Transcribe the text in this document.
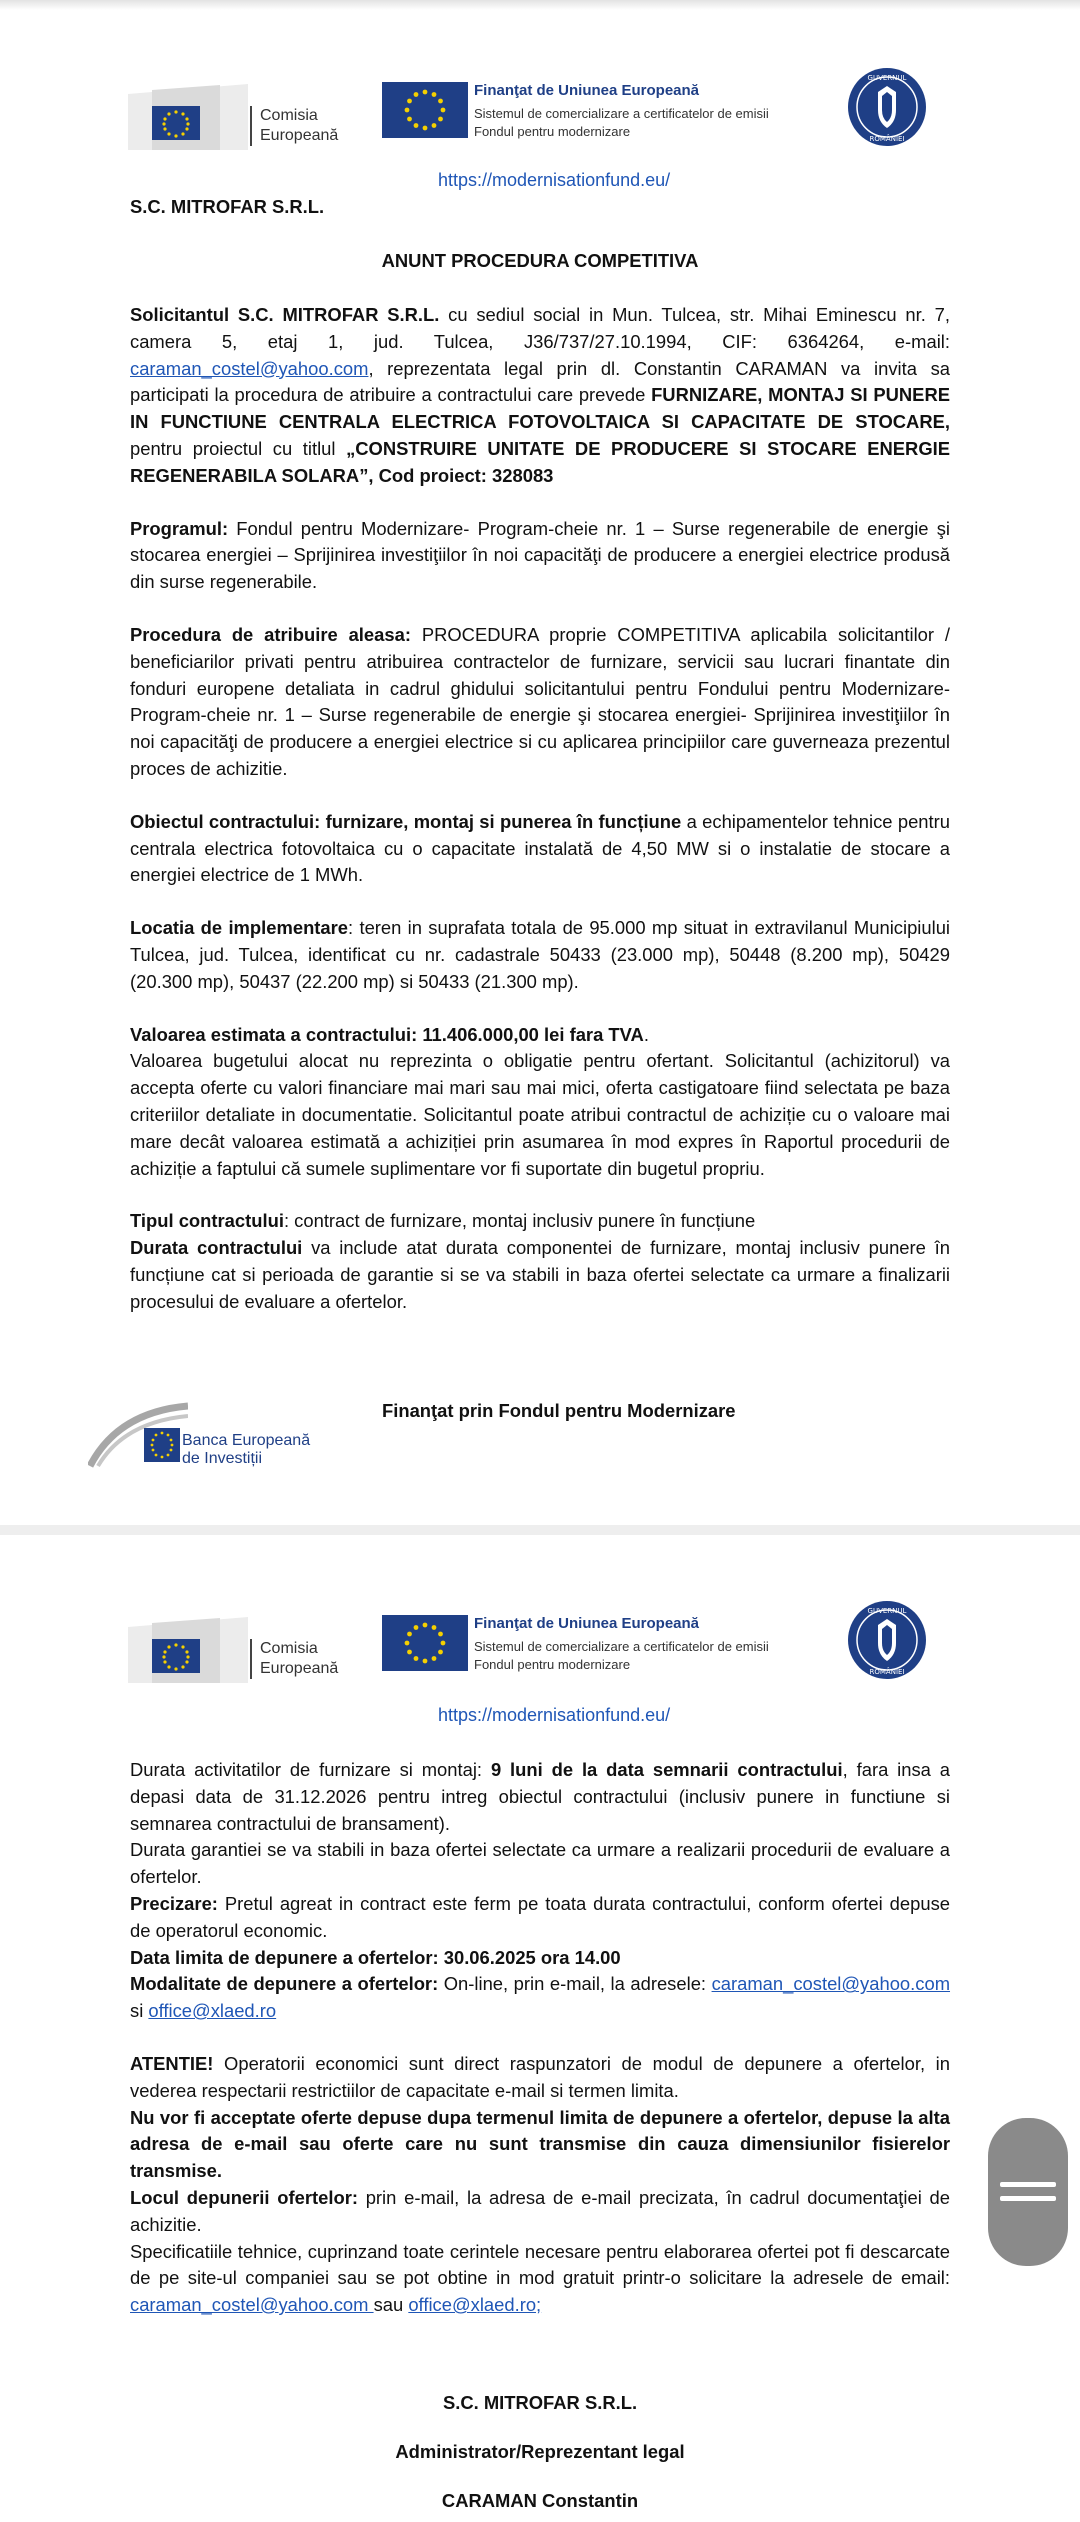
Comisia
Europeană
Finanţat de Uniunea Europeană
Sistemul de comercializare a certificatelor de emisii
Fondul pentru modernizare
GUVERNUL
ROMÂNIEI
https://modernisationfund.eu/
S.C. MITROFAR S.R.L.
ANUNT PROCEDURA COMPETITIVA

Solicitantul S.C. MITROFAR S.R.L. cu sediul social in Mun. Tulcea, str. Mihai Eminescu nr. 7, camera 5, etaj 1, jud. Tulcea, J36/737/27.10.1994, CIF: 6364264, e-mail: caraman_costel@yahoo.com, reprezentata legal prin dl. Constantin CARAMAN va invita sa participati la procedura de atribuire a contractului care prevede FURNIZARE, MONTAJ SI PUNERE IN FUNCTIUNE CENTRALA ELECTRICA FOTOVOLTAICA SI CAPACITATE DE STOCARE, pentru proiectul cu titlul „CONSTRUIRE UNITATE DE PRODUCERE SI STOCARE ENERGIE REGENERABILA SOLARA”, Cod proiect: 328083

Programul: Fondul pentru Modernizare- Program-cheie nr. 1 – Surse regenerabile de energie şi stocarea energiei – Sprijinirea investiţiilor în noi capacităţi de producere a energiei electrice produsă din surse regenerabile.

Procedura de atribuire aleasa: PROCEDURA proprie COMPETITIVA aplicabila solicitantilor / beneficiarilor privati pentru atribuirea contractelor de furnizare, servicii sau lucrari finantate din fonduri europene detaliata in cadrul ghidului solicitantului pentru Fondului pentru Modernizare- Program-cheie nr. 1 – Surse regenerabile de energie şi stocarea energiei- Sprijinirea investiţiilor în noi capacităţi de producere a energiei electrice si cu aplicarea principiilor care guverneaza prezentul proces de achizitie.

Obiectul contractului: furnizare, montaj si punerea în funcțiune a echipamentelor tehnice pentru centrala electrica fotovoltaica cu o capacitate instalată de 4,50 MW si o instalatie de stocare a energiei electrice de 1 MWh.

Locatia de implementare: teren in suprafata totala de 95.000 mp situat in extravilanul Municipiului Tulcea, jud. Tulcea, identificat cu nr. cadastrale 50433 (23.000 mp), 50448 (8.200 mp), 50429 (20.300 mp), 50437 (22.200 mp) si 50433 (21.300 mp).

Valoarea estimata a contractului: 11.406.000,00 lei fara TVA.
Valoarea bugetului alocat nu reprezinta o obligatie pentru ofertant. Solicitantul (achizitorul) va accepta oferte cu valori financiare mai mari sau mai mici, oferta castigatoare fiind selectata pe baza criteriilor detaliate in documentatie. Solicitantul poate atribui contractul de achiziție cu o valoare mai mare decât valoarea estimată a achiziției prin asumarea în mod expres în Raportul procedurii de achiziție a faptului că sumele suplimentare vor fi suportate din bugetul propriu.

Tipul contractului: contract de furnizare, montaj inclusiv punere în funcțiune
Durata contractului va include atat durata componentei de furnizare, montaj inclusiv punere în funcțiune cat si perioada de garantie si se va stabili in baza ofertei selectate ca urmare a finalizarii procesului de evaluare a ofertelor.

Finanţat prin Fondul pentru Modernizare
Banca Europeană
de Investiții
Comisia
Europeană
Finanţat de Uniunea Europeană
Sistemul de comercializare a certificatelor de emisii
Fondul pentru modernizare
GUVERNUL
ROMÂNIEI
https://modernisationfund.eu/

Durata activitatilor de furnizare si montaj: 9 luni de la data semnarii contractului, fara insa a depasi data de 31.12.2026 pentru intreg obiectul contractului (inclusiv punere in functiune si semnarea contractului de bransament).

Durata garantiei se va stabili in baza ofertei selectate ca urmare a realizarii procedurii de evaluare a ofertelor.

Precizare: Pretul agreat in contract este ferm pe toata durata contractului, conform ofertei depuse de operatorul economic.

Data limita de depunere a ofertelor: 30.06.2025 ora 14.00

Modalitate de depunere a ofertelor: On-line, prin e-mail, la adresele: caraman_costel@yahoo.com si office@xlaed.ro

ATENTIE! Operatorii economici sunt direct raspunzatori de modul de depunere a ofertelor, in vederea respectarii restrictiilor de capacitate e-mail si termen limita.

Nu vor fi acceptate oferte depuse dupa termenul limita de depunere a ofertelor, depuse la alta adresa de e-mail sau oferte care nu sunt transmise din cauza dimensiunilor fisierelor transmise.

Locul depunerii ofertelor: prin e-mail, la adresa de e-mail precizata, în cadrul documentaţiei de achizitie.

Specificatiile tehnice, cuprinzand toate cerintele necesare pentru elaborarea ofertei pot fi descarcate de pe site-ul companiei sau se pot obtine in mod gratuit printr-o solicitare la adresele de email: caraman_costel@yahoo.com sau office@xlaed.ro;

S.C. MITROFAR S.R.L.
Administrator/Reprezentant legal
CARAMAN Constantin
